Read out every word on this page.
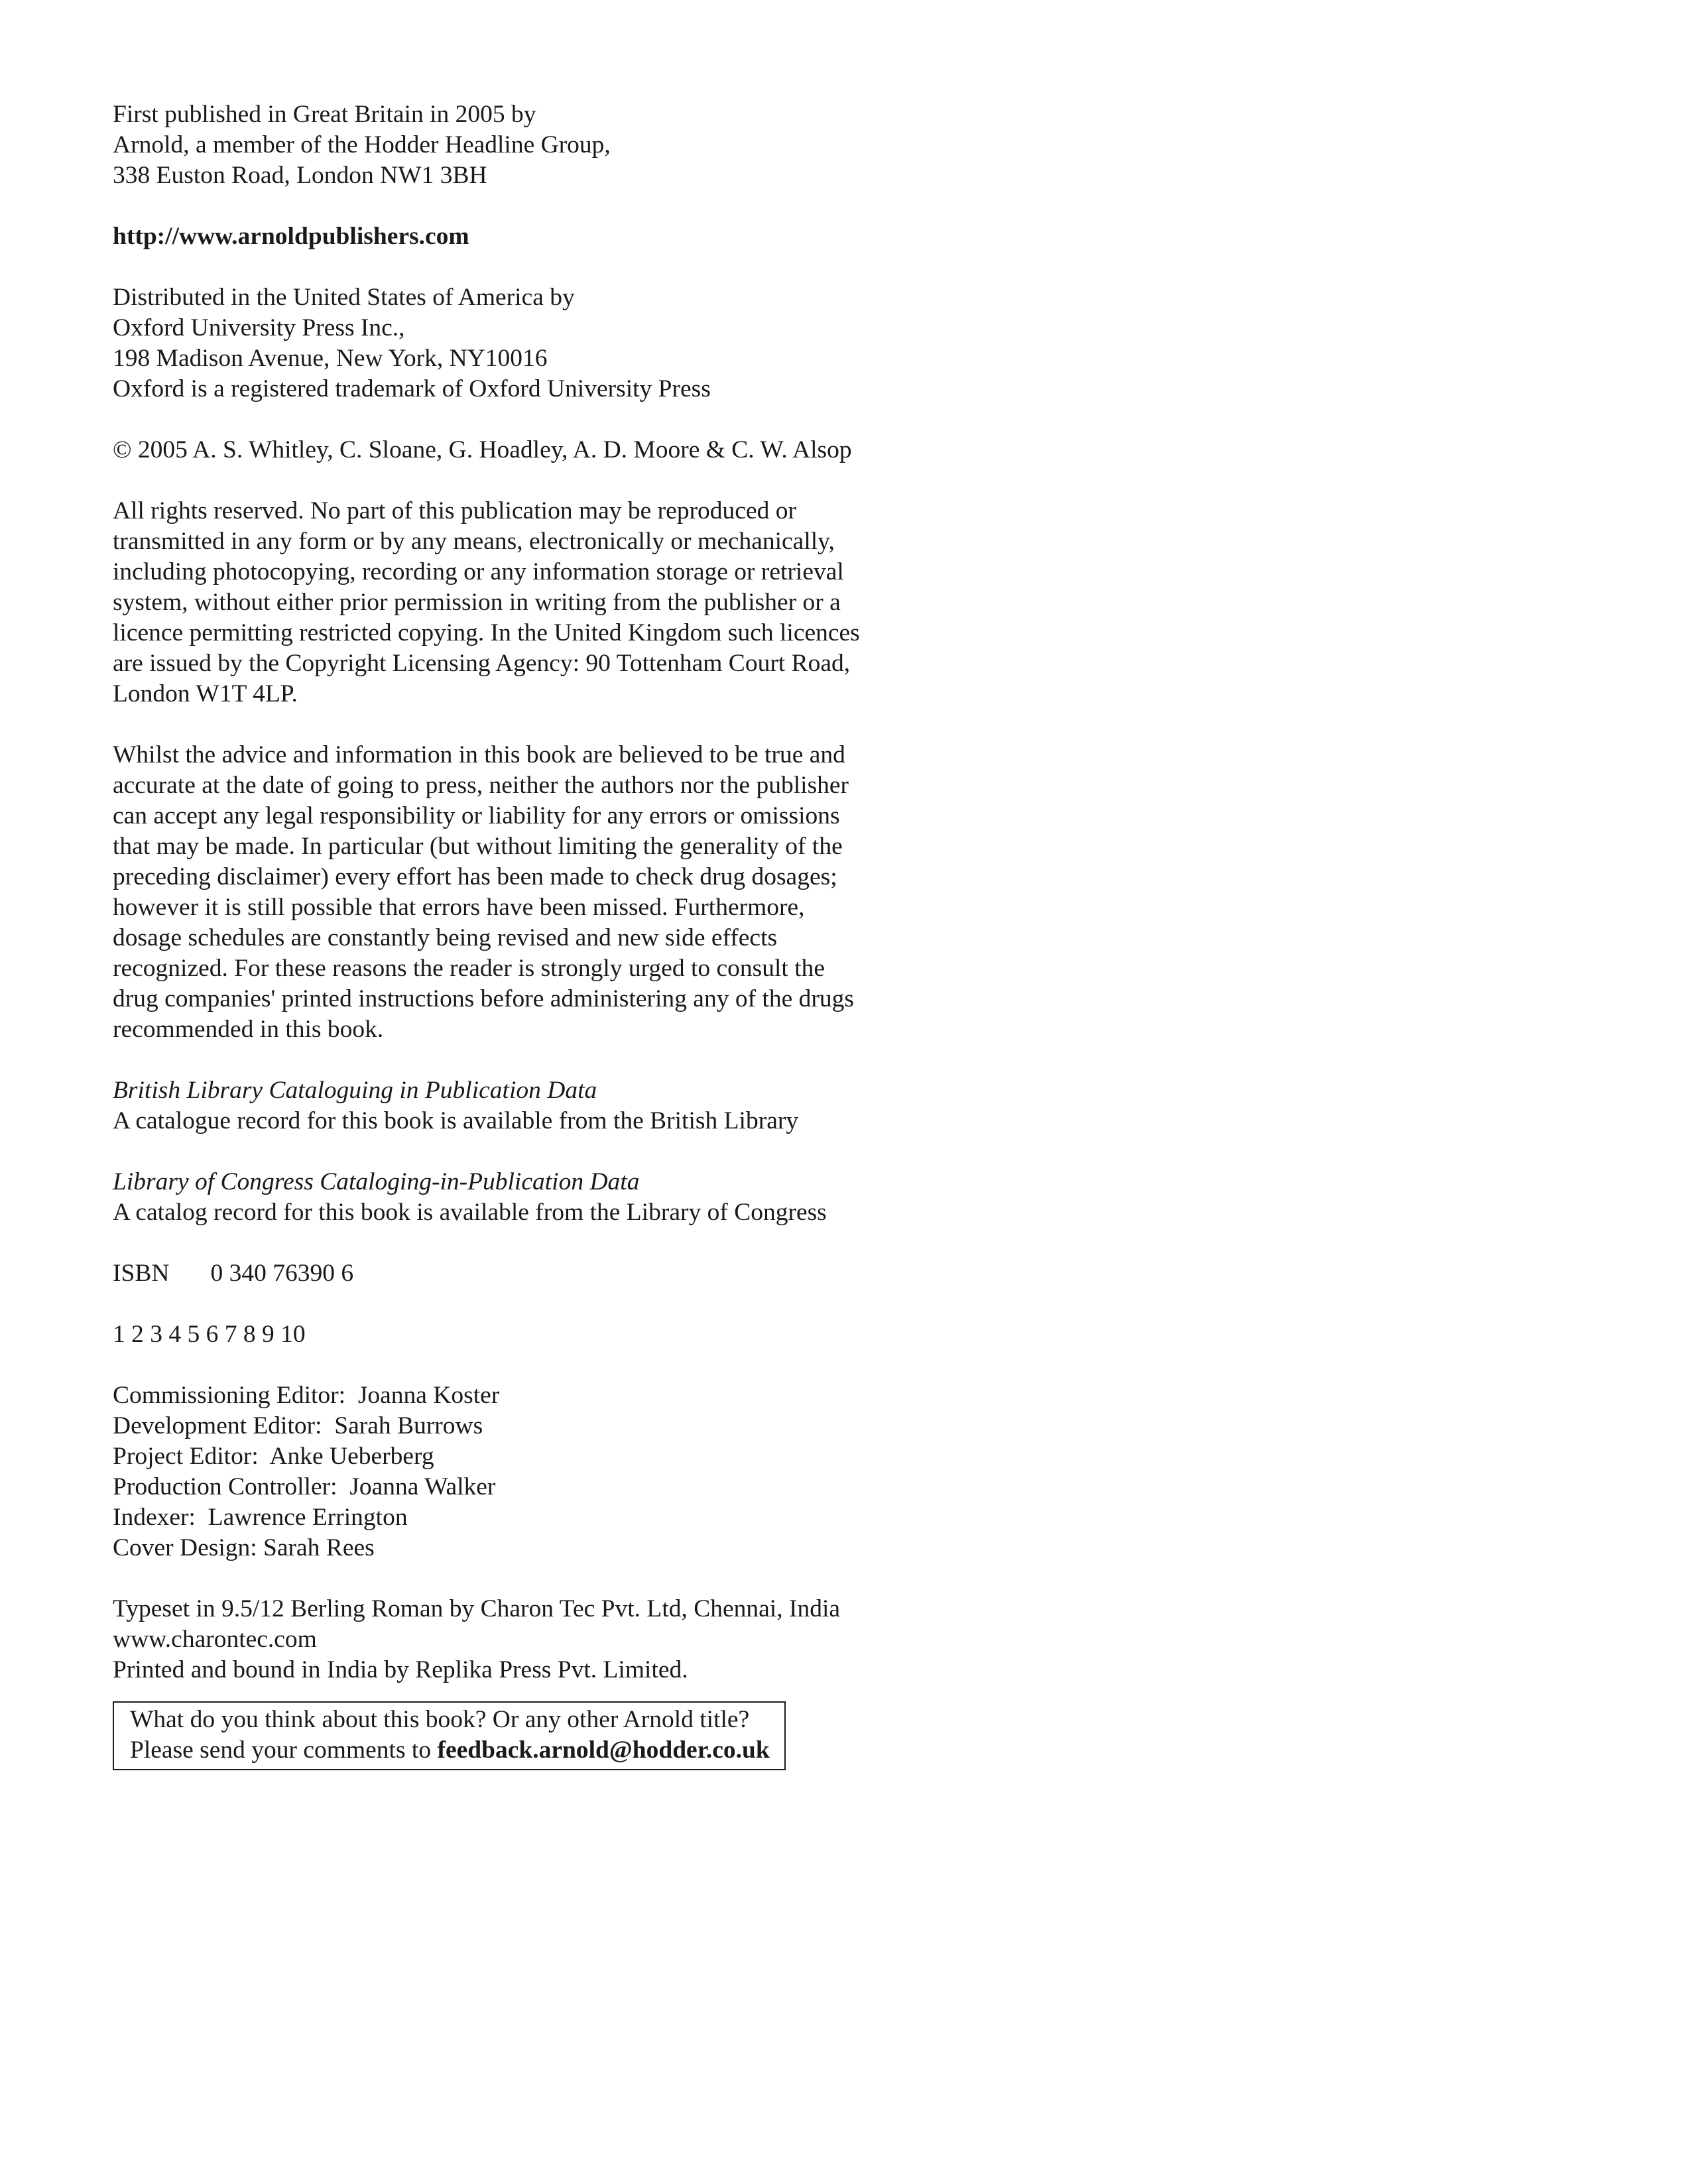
First published in Great Britain in 2005 by
Arnold, a member of the Hodder Headline Group,
338 Euston Road, London NW1 3BH
http://www.arnoldpublishers.com
Distributed in the United States of America by
Oxford University Press Inc.,
198 Madison Avenue, New York, NY10016
Oxford is a registered trademark of Oxford University Press
© 2005 A. S. Whitley, C. Sloane, G. Hoadley, A. D. Moore & C. W. Alsop
All rights reserved. No part of this publication may be reproduced or
transmitted in any form or by any means, electronically or mechanically,
including photocopying, recording or any information storage or retrieval
system, without either prior permission in writing from the publisher or a
licence permitting restricted copying. In the United Kingdom such licences
are issued by the Copyright Licensing Agency: 90 Tottenham Court Road,
London W1T 4LP.
Whilst the advice and information in this book are believed to be true and
accurate at the date of going to press, neither the authors nor the publisher
can accept any legal responsibility or liability for any errors or omissions
that may be made. In particular (but without limiting the generality of the
preceding disclaimer) every effort has been made to check drug dosages;
however it is still possible that errors have been missed. Furthermore,
dosage schedules are constantly being revised and new side effects
recognized. For these reasons the reader is strongly urged to consult the
drug companies' printed instructions before administering any of the drugs
recommended in this book.
British Library Cataloguing in Publication Data
A catalogue record for this book is available from the British Library
Library of Congress Cataloging-in-Publication Data
A catalog record for this book is available from the Library of Congress
ISBN 0 340 76390 6
1 2 3 4 5 6 7 8 9 10
Commissioning Editor:  Joanna Koster
Development Editor:  Sarah Burrows
Project Editor:  Anke Ueberberg
Production Controller:  Joanna Walker
Indexer:  Lawrence Errington
Cover Design: Sarah Rees
Typeset in 9.5/12 Berling Roman by Charon Tec Pvt. Ltd, Chennai, India
www.charontec.com
Printed and bound in India by Replika Press Pvt. Limited.
What do you think about this book? Or any other Arnold title?
Please send your comments to feedback.arnold@hodder.co.uk
